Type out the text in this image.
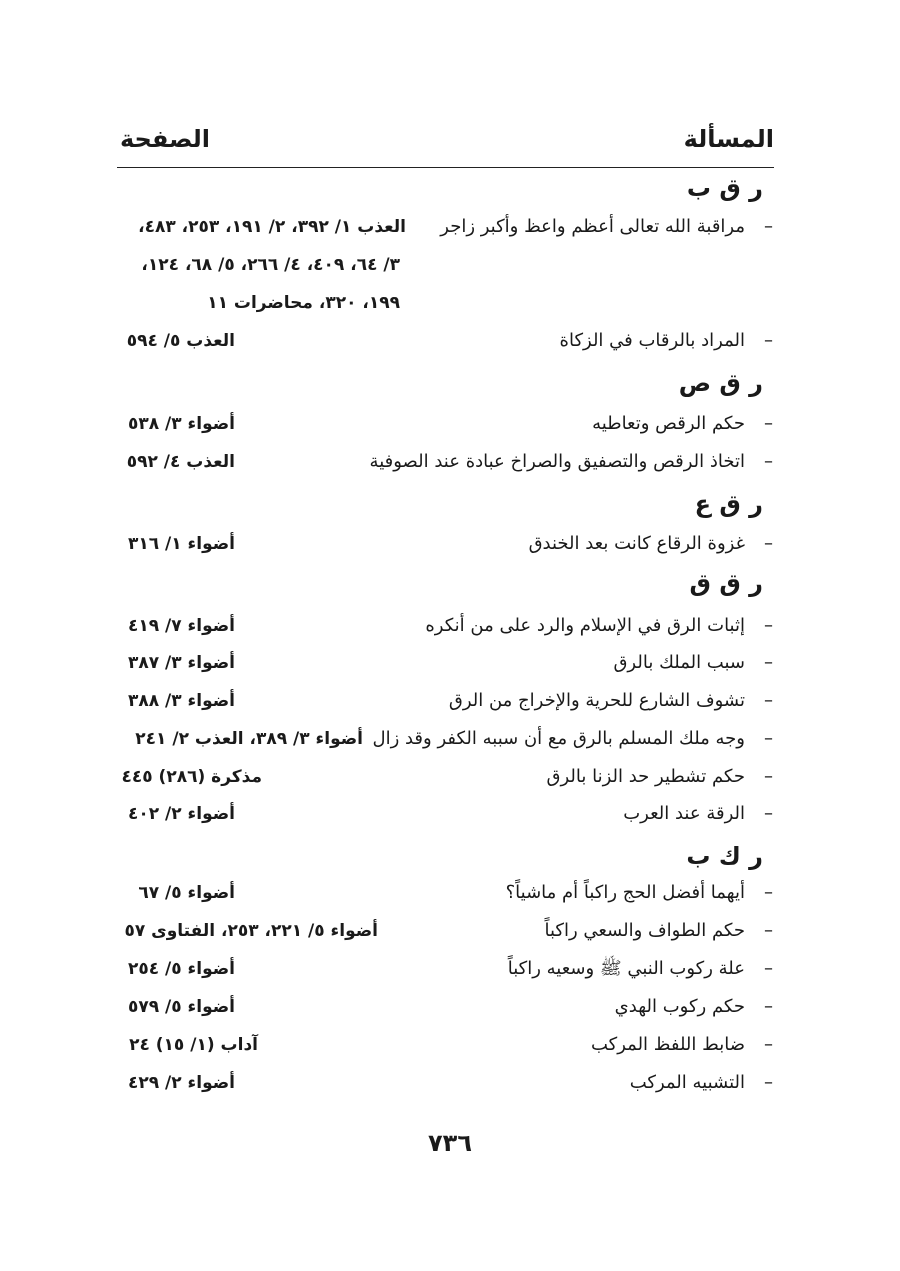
المسألة
الصفحة
ر ق ب
–
مراقبة الله تعالى أعظم واعظ وأكبر زاجر
العذب ١/ ٣٩٢، ٢/ ١٩١، ٢٥٣، ٤٨٣،
٣/ ٦٤، ٤٠٩، ٤/ ٢٦٦، ٥/ ٦٨، ١٢٤،
١٩٩، ٣٢٠، محاضرات ١١
–
المراد بالرقاب في الزكاة
العذب ٥/ ٥٩٤
ر ق ص
–
حكم الرقص وتعاطيه
أضواء ٣/ ٥٣٨
–
اتخاذ الرقص والتصفيق والصراخ عبادة عند الصوفية
العذب ٤/ ٥٩٢
ر ق ع
–
غزوة الرقاع كانت بعد الخندق
أضواء ١/ ٣١٦
ر ق ق
–
إثبات الرق في الإسلام والرد على من أنكره
أضواء ٧/ ٤١٩
–
سبب الملك بالرق
أضواء ٣/ ٣٨٧
–
تشوف الشارع للحرية والإخراج من الرق
أضواء ٣/ ٣٨٨
–
وجه ملك المسلم بالرق مع أن سببه الكفر وقد زال
أضواء ٣/ ٣٨٩، العذب ٢/ ٢٤١
–
حكم تشطير حد الزنا بالرق
مذكرة (٢٨٦) ٤٤٥
–
الرقة عند العرب
أضواء ٢/ ٤٠٢
ر ك ب
–
أيهما أفضل الحج راكباً أم ماشياً؟
أضواء ٥/ ٦٧
–
حكم الطواف والسعي راكباً
أضواء ٥/ ٢٢١، ٢٥٣، الفتاوى ٥٧
–
علة ركوب النبي ﷺ وسعيه راكباً
أضواء ٥/ ٢٥٤
–
حكم ركوب الهدي
أضواء ٥/ ٥٧٩
–
ضابط اللفظ المركب
آداب (١/ ١٥) ٢٤
–
التشبيه المركب
أضواء ٢/ ٤٢٩
٧٣٦
